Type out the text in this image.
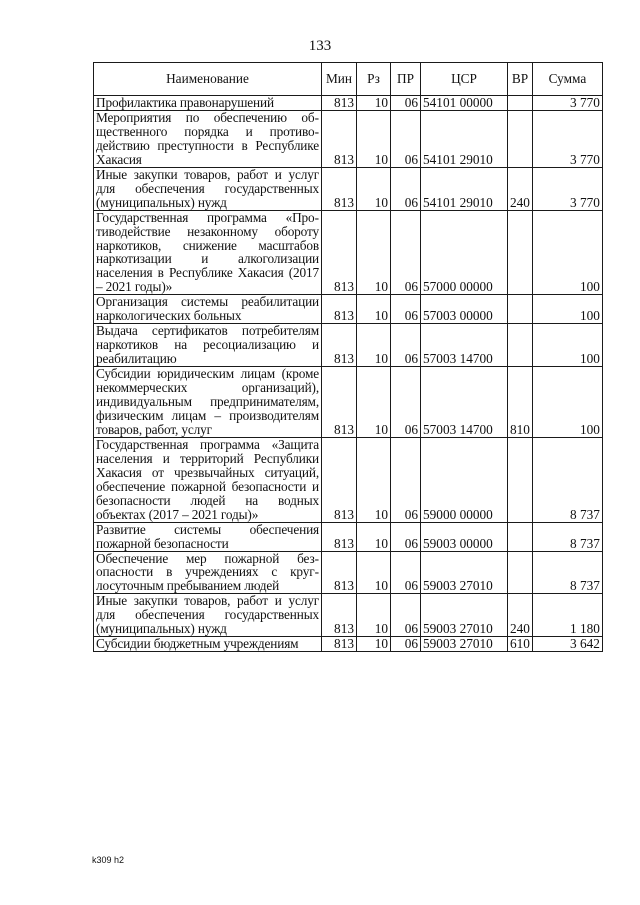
133
Наименование	Мин	Рз	ПР	ЦСР	ВР	Сумма
Профилактика правонарушений	813	10	06	54101 00000		3 770
Мероприятия по обеспечению общественного порядка и противодействию преступности в Республике Хакасия	813	10	06	54101 29010		3 770
Иные закупки товаров, работ и услуг для обеспечения государственных (муниципальных) нужд	813	10	06	54101 29010	240	3 770
Государственная программа «Противодействие незаконному обороту наркотиков, снижение масштабов наркотизации и алкоголизации населения в Республике Хакасия (2017 – 2021 годы)»	813	10	06	57000 00000		100
Организация системы реабилитации наркологических больных	813	10	06	57003 00000		100
Выдача сертификатов потребителям наркотиков на ресоциализацию и реабилитацию	813	10	06	57003 14700		100
Субсидии юридическим лицам (кроме некоммерческих организаций), индивидуальным предпринимателям, физическим лицам – производителям товаров, работ, услуг	813	10	06	57003 14700	810	100
Государственная программа «Защита населения и территорий Республики Хакасия от чрезвычайных ситуаций, обеспечение пожарной безопасности и безопасности людей на водных объектах (2017 – 2021 годы)»	813	10	06	59000 00000		8 737
Развитие системы обеспечения пожарной безопасности	813	10	06	59003 00000		8 737
Обеспечение мер пожарной безопасности в учреждениях с круглосуточным пребыванием людей	813	10	06	59003 27010		8 737
Иные закупки товаров, работ и услуг для обеспечения государственных (муниципальных) нужд	813	10	06	59003 27010	240	1 180
Субсидии бюджетным учреждениям	813	10	06	59003 27010	610	3 642
k309 h2
